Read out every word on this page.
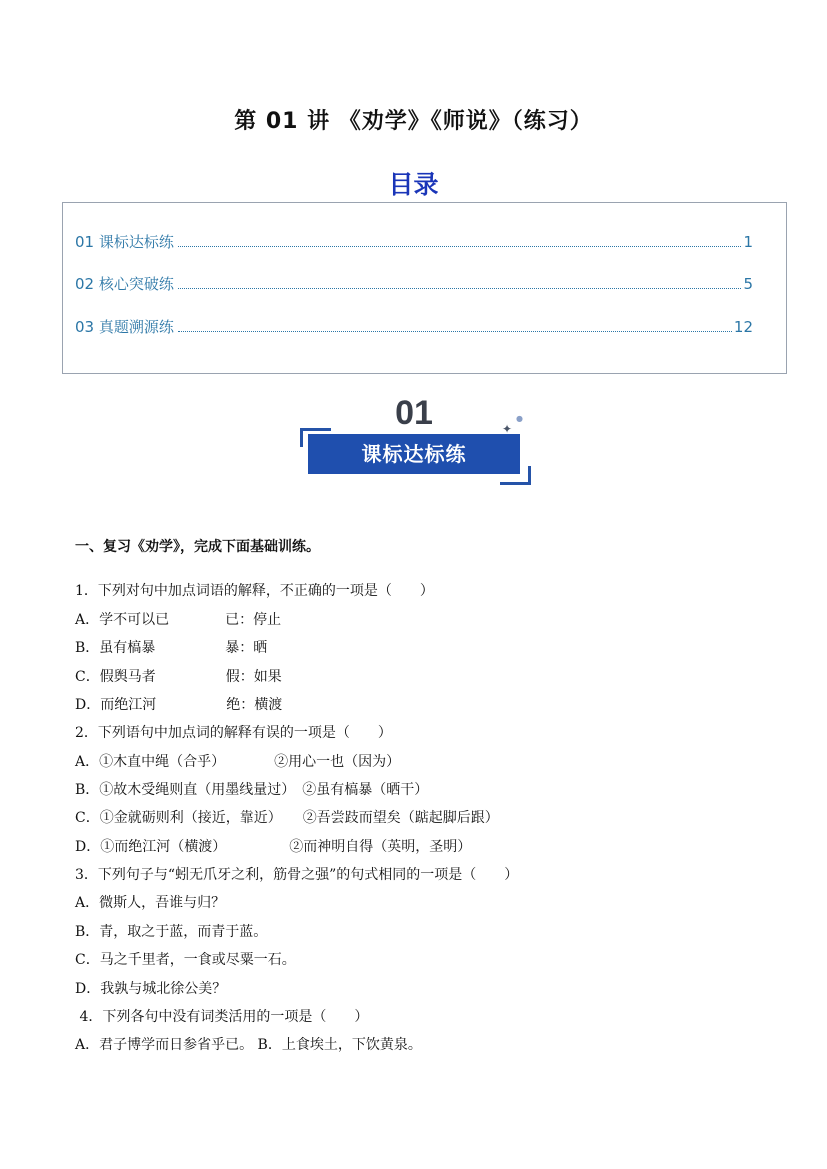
第 01 讲 《劝学》《师说》（练习）
目录
01 课标达标练	1
02 核心突破练	5
03 真题溯源练	12
01
课标达标练
✦
●
一、复习《劝学》，完成下面基础训练。
1．下列对句中加点词语的解释，不正确的一项是（　　）
A．学不可以已　　　　已：停止
B．虽有槁暴　　　　　暴：晒
C．假舆马者　　　　　假：如果
D．而绝江河　　　　　绝：横渡
2．下列语句中加点词的解释有误的一项是（　　）
A．①木直中绳（合乎）　　　　②用心一也（因为）
B．①故木受绳则直（用墨线量过）　②虽有槁暴（晒干）
C．①金就砺则利（接近，靠近）　　②吾尝跂而望矣（踮起脚后跟）
D．①而绝江河（横渡）　　　　　②而神明自得（英明，圣明）
3．下列句子与“蚓无爪牙之利，筋骨之强”的句式相同的一项是（　　）
A．微斯人，吾谁与归？
B．青，取之于蓝，而青于蓝。
C．马之千里者，一食或尽粟一石。
D．我孰与城北徐公美？
4．下列各句中没有词类活用的一项是（　　）
A．君子博学而日参省乎已。 B．上食埃土，下饮黄泉。
